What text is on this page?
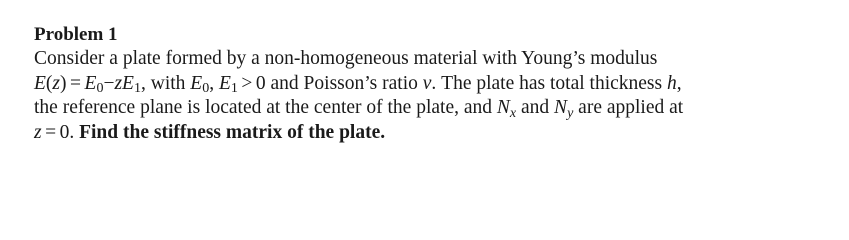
Problem 1
Consider a plate formed by a non-homogeneous material with Young’s modulus
$E(z) = E_0-zE_1$, with $E_0$, $E_1 > 0$ and Poisson’s ratio ν. The plate has total thickness h,
the reference plane is located at the center of the plate, and $N_x$ and $N_y$ are applied at
z = 0. Find the stiffness matrix of the plate.
